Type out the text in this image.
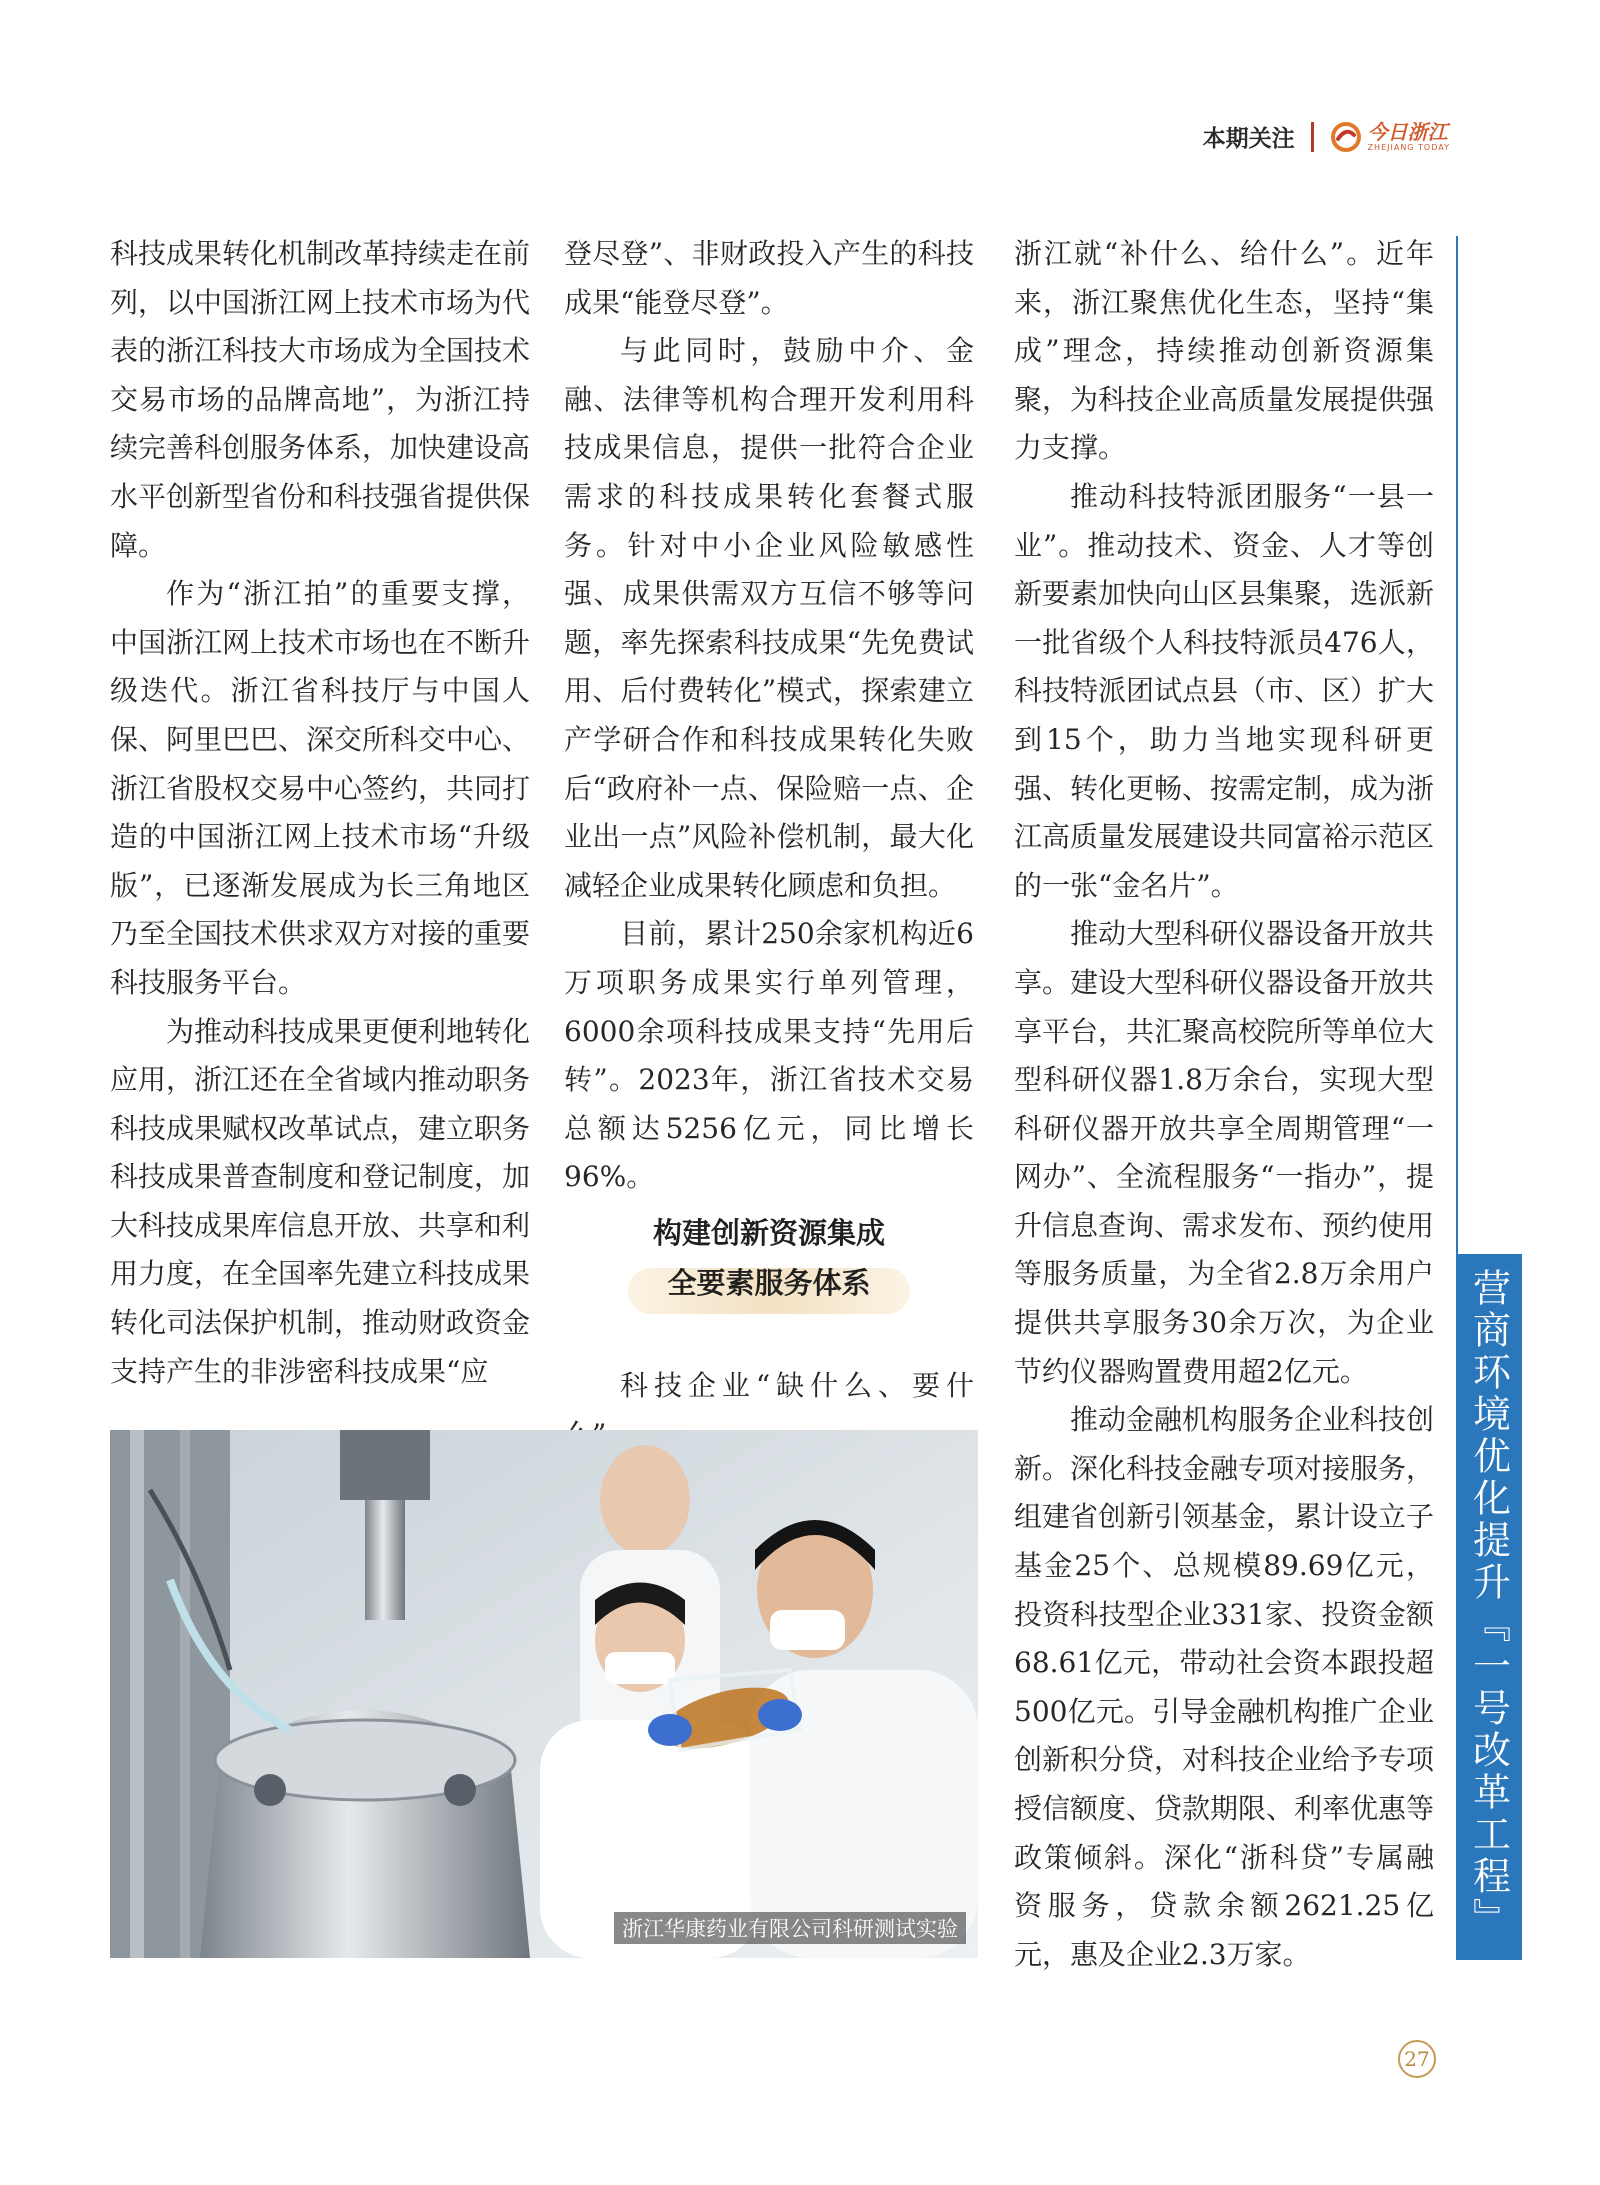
本期关注	今日浙江
ZHEJIANG TODAY

科技成果转化机制改革持续走在前列，以中国浙江网上技术市场为代表的浙江科技大市场成为全国技术交易市场的品牌高地”，为浙江持续完善科创服务体系，加快建设高水平创新型省份和科技强省提供保障。

作为“浙江拍”的重要支撑，中国浙江网上技术市场也在不断升级迭代。浙江省科技厅与中国人保、阿里巴巴、深交所科交中心、浙江省股权交易中心签约，共同打造的中国浙江网上技术市场“升级版”，已逐渐发展成为长三角地区乃至全国技术供求双方对接的重要科技服务平台。

为推动科技成果更便利地转化应用，浙江还在全省域内推动职务科技成果赋权改革试点，建立职务科技成果普查制度和登记制度，加大科技成果库信息开放、共享和利用力度，在全国率先建立科技成果转化司法保护机制，推动财政资金支持产生的非涉密科技成果“应

登尽登”、非财政投入产生的科技成果“能登尽登”。

与此同时，鼓励中介、金融、法律等机构合理开发利用科技成果信息，提供一批符合企业需求的科技成果转化套餐式服务。针对中小企业风险敏感性强、成果供需双方互信不够等问题，率先探索科技成果“先免费试用、后付费转化”模式，探索建立产学研合作和科技成果转化失败后“政府补一点、保险赔一点、企业出一点”风险补偿机制，最大化减轻企业成果转化顾虑和负担。

目前，累计250余家机构近6万项职务成果实行单列管理，6000余项科技成果支持“先用后转”。2023年，浙江省技术交易总额达5256亿元，同比增长96%。

构建创新资源集成
全要素服务体系

科技企业“缺什么、要什

浙江就“补什么、给什么”。近年来，浙江聚焦优化生态，坚持“集成”理念，持续推动创新资源集聚，为科技企业高质量发展提供强力支撑。

推动科技特派团服务“一县一业”。推动技术、资金、人才等创新要素加快向山区县集聚，选派新一批省级个人科技特派员476人，科技特派团试点县（市、区）扩大到15个，助力当地实现科研更强、转化更畅、按需定制，成为浙江高质量发展建设共同富裕示范区的一张“金名片”。

推动大型科研仪器设备开放共享。建设大型科研仪器设备开放共享平台，共汇聚高校院所等单位大型科研仪器1.8万余台，实现大型科研仪器开放共享全周期管理“一网办”、全流程服务“一指办”，提升信息查询、需求发布、预约使用等服务质量，为全省2.8万余用户提供共享服务30余万次，为企业节约仪器购置费用超2亿元。

推动金融机构服务企业科技创新。深化科技金融专项对接服务，组建省创新引领基金，累计设立子基金25个、总规模89.69亿元，投资科技型企业331家、投资金额68.61亿元，带动社会资本跟投超500亿元。引导金融机构推广企业创新积分贷，对科技企业给予专项授信额度、贷款期限、利率优惠等政策倾斜。深化“浙科贷”专属融资服务，贷款余额2621.25亿元，惠及企业2.3万家。

营商环境优化提升『一号改革工程』
浙江华康药业有限公司科研测试实验
27
